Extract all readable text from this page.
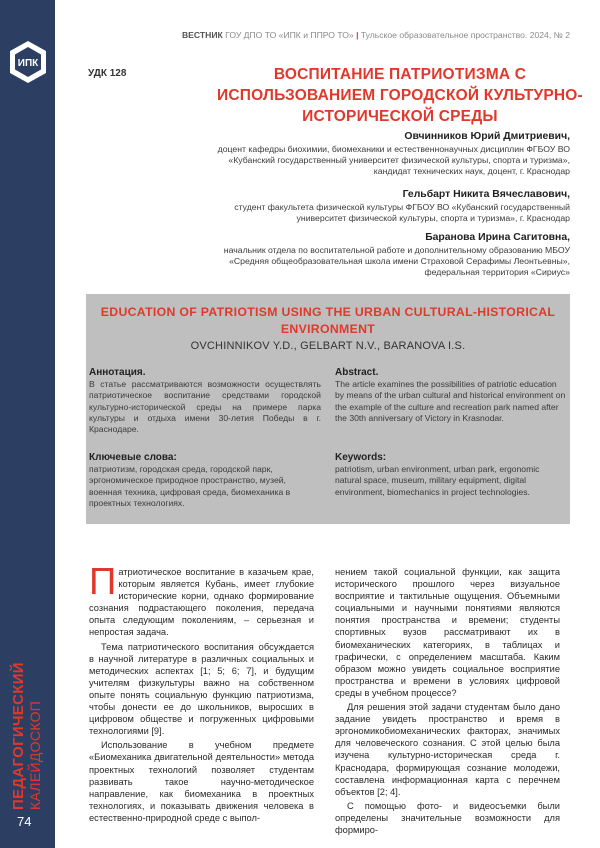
ИПК
ПЕДАГОГИЧЕСКИЙ КАЛЕЙДОСКОП
74
ВЕСТНИК ГОУ ДПО ТО «ИПК и ППРО ТО» | Тульское образовательное пространство. 2024, № 2
УДК 128	ВОСПИТАНИЕ ПАТРИОТИЗМА С ИСПОЛЬЗОВАНИЕМ ГОРОДСКОЙ КУЛЬТУРНО-ИСТОРИЧЕСКОЙ СРЕДЫ
Овчинников Юрий Дмитриевич,
доцент кафедры биохимии, биомеханики и естественнонаучных дисциплин ФГБОУ ВО «Кубанский государственный университет физической культуры, спорта и туризма», кандидат технических наук, доцент, г. Краснодар
Гельбарт Никита Вячеславович,
студент факультета физической культуры ФГБОУ ВО «Кубанский государственный университет физической культуры, спорта и туризма», г. Краснодар
Баранова Ирина Сагитовна,
начальник отдела по воспитательной работе и дополнительному образованию МБОУ «Средняя общеобразовательная школа имени Страховой Серафимы Леонтьевны», федеральная территория «Сириус»
EDUCATION OF PATRIOTISM USING THE URBAN CULTURAL-HISTORICAL ENVIRONMENT
OVCHINNIKOV Y.D., GELBART N.V., BARANOVA I.S.
Аннотация.
В статье рассматриваются возможности осуществлять патриотическое воспитание средствами городской культурно-исторической среды на примере парка культуры и отдыха имени 30-летия Победы в г. Краснодаре.
Abstract.
The article examines the possibilities of patriotic education by means of the urban cultural and historical environment on the example of the culture and recreation park named after the 30th anniversary of Victory in Krasnodar.
Ключевые слова:
патриотизм, городская среда, городской парк, эргономическое природное пространство, музей, военная техника, цифровая среда, биомеханика в проектных технологиях.
Keywords:
patriotism, urban environment, urban park, ergonomic natural space, museum, military equipment, digital environment, biomechanics in project technologies.

Патриотическое воспитание в казачьем крае, которым является Кубань, имеет глубокие исторические корни, однако формирование сознания подрастающего поколения, передача опыта следующим поколениям, – серьезная и непростая задача.

Тема патриотического воспитания обсуждается в научной литературе в различных социальных и методических аспектах [1; 5; 6; 7], и будущим учителям физкультуры важно на собственном опыте понять социальную функцию патриотизма, чтобы донести ее до школьников, выросших в цифровом обществе и погруженных цифровыми технологиями [9].

Использование в учебном предмете «Биомеханика двигательной деятельности» метода проектных технологий позволяет студентам развивать такое научно-методическое направление, как биомеханика в проектных технологиях, и показывать движения человека в естественно-природной среде с выпол-

нением такой социальной функции, как защита исторического прошлого через визуальное восприятие и тактильные ощущения. Объемными социальными и научными понятиями являются понятия пространства и времени; студенты спортивных вузов рассматривают их в биомеханических категориях, в таблицах и графически, с определением масштаба. Каким образом можно увидеть социальное восприятие пространства и времени в условиях цифровой среды в учебном процессе?

Для решения этой задачи студентам было дано задание увидеть пространство и время в эргономикобиомеханических факторах, значимых для человеческого сознания. С этой целью была изучена культурно-историческая среда г. Краснодара, формирующая сознание молодежи, составлена информационная карта с перечнем объектов [2; 4].

С помощью фото- и видеосъемки были определены значительные возможности для формиро-
